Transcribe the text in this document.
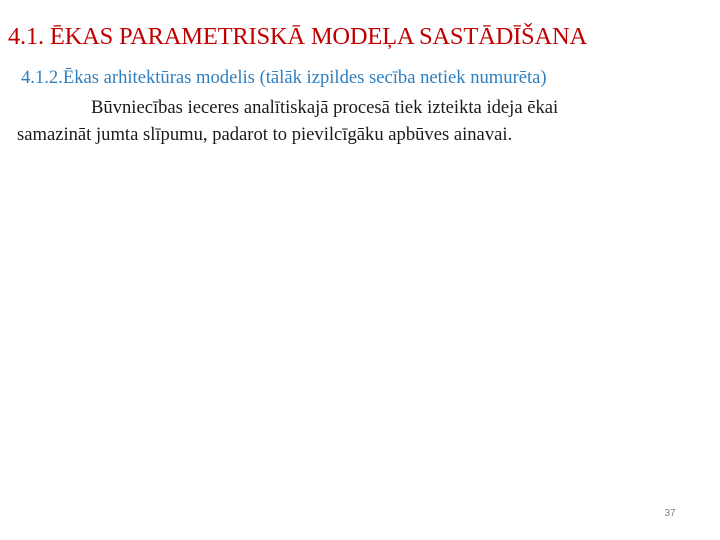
4.1. ĒKAS PARAMETRISKĀ MODEĻA SASTĀDĪŠANA

4.1.2.Ēkas arhitektūras modelis (tālāk izpildes secība netiek numurēta)

Būvniecības ieceres analītiskajā procesā tiek izteikta ideja ēkai
samazināt jumta slīpumu, padarot to pievilcīgāku apbūves ainavai.

37
